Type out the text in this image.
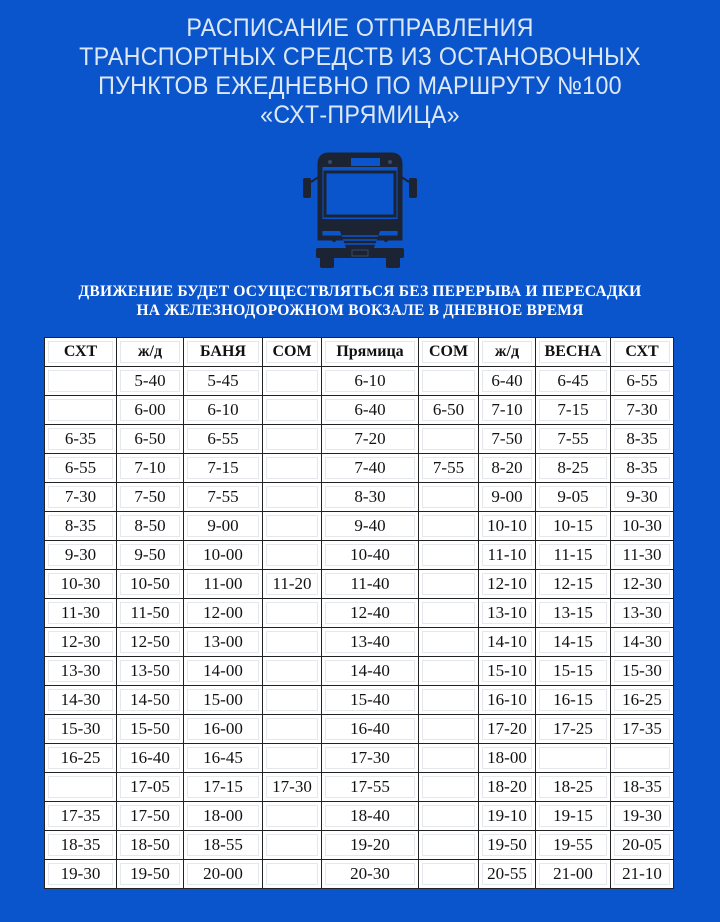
РАСПИСАНИЕ ОТПРАВЛЕНИЯ
ТРАНСПОРТНЫХ СРЕДСТВ ИЗ ОСТАНОВОЧНЫХ
ПУНКТОВ ЕЖЕДНЕВНО ПО МАРШРУТУ №100
«СХТ-ПРЯМИЦА»
ДВИЖЕНИЕ БУДЕТ ОСУЩЕСТВЛЯТЬСЯ БЕЗ ПЕРЕРЫВА И ПЕРЕСАДКИ
НА ЖЕЛЕЗНОДОРОЖНОМ ВОКЗАЛЕ В ДНЕВНОЕ ВРЕМЯ
СХТ	ж/д	БАНЯ	СОМ	Прямица	СОМ	ж/д	ВЕСНА	СХТ
	5-40	5-45		6-10		6-40	6-45	6-55
	6-00	6-10		6-40	6-50	7-10	7-15	7-30
6-35	6-50	6-55		7-20		7-50	7-55	8-35
6-55	7-10	7-15		7-40	7-55	8-20	8-25	8-35
7-30	7-50	7-55		8-30		9-00	9-05	9-30
8-35	8-50	9-00		9-40		10-10	10-15	10-30
9-30	9-50	10-00		10-40		11-10	11-15	11-30
10-30	10-50	11-00	11-20	11-40		12-10	12-15	12-30
11-30	11-50	12-00		12-40		13-10	13-15	13-30
12-30	12-50	13-00		13-40		14-10	14-15	14-30
13-30	13-50	14-00		14-40		15-10	15-15	15-30
14-30	14-50	15-00		15-40		16-10	16-15	16-25
15-30	15-50	16-00		16-40		17-20	17-25	17-35
16-25	16-40	16-45		17-30		18-00		
	17-05	17-15	17-30	17-55		18-20	18-25	18-35
17-35	17-50	18-00		18-40		19-10	19-15	19-30
18-35	18-50	18-55		19-20		19-50	19-55	20-05
19-30	19-50	20-00		20-30		20-55	21-00	21-10
